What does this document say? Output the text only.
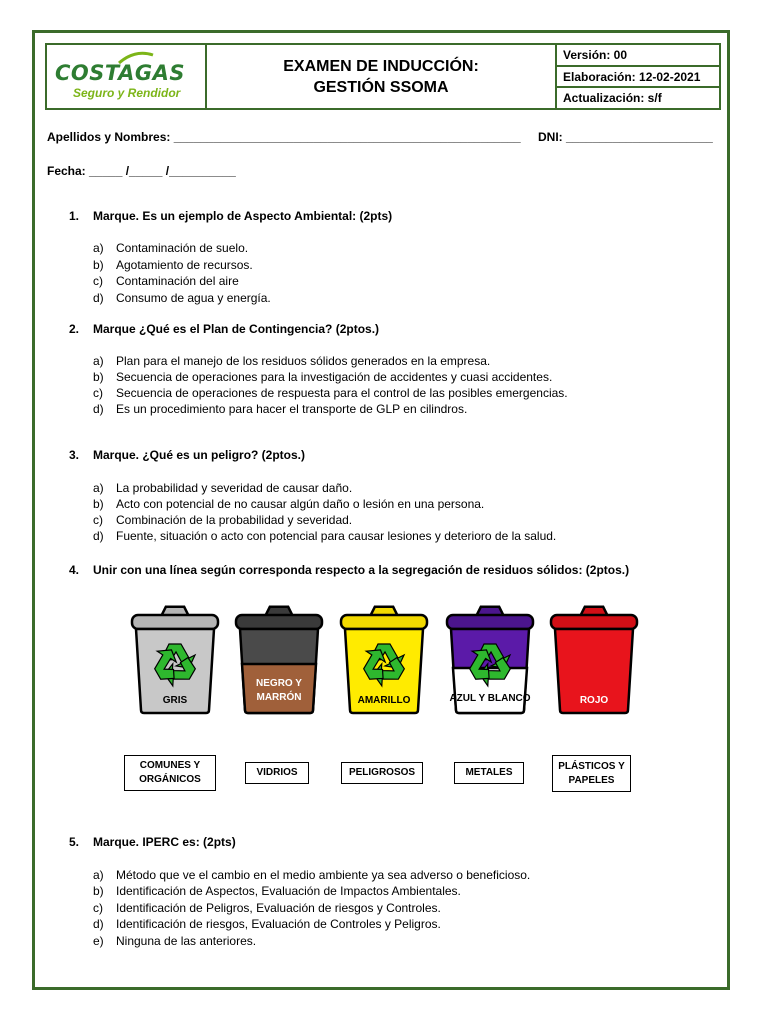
COSTAGAS
Seguro y Rendidor
EXAMEN DE INDUCCIÓN:
GESTIÓN SSOMA
Versión: 00
Elaboración: 12-02-2021
Actualización: s/f
Apellidos y Nombres: ____________________________________________________ DNI: ______________________
Fecha: _____ /_____ /__________
1. Marque. Es un ejemplo de Aspecto Ambiental: (2pts)
a) Contaminación de suelo.
b) Agotamiento de recursos.
c) Contaminación del aire
d) Consumo de agua y energía.
2. Marque ¿Qué es el Plan de Contingencia? (2ptos.)
a) Plan para el manejo de los residuos sólidos generados en la empresa.
b) Secuencia de operaciones para la investigación de accidentes y cuasi accidentes.
c) Secuencia de operaciones de respuesta para el control de las posibles emergencias.
d) Es un procedimiento para hacer el transporte de GLP en cilindros.
3. Marque. ¿Qué es un peligro? (2ptos.)
a) La probabilidad y severidad de causar daño.
b) Acto con potencial de no causar algún daño o lesión en una persona.
c) Combinación de la probabilidad y severidad.
d) Fuente, situación o acto con potencial para causar lesiones y deterioro de la salud.
4. Unir con una línea según corresponda respecto a la segregación de residuos sólidos: (2ptos.)
GRIS
NEGRO Y
MARRÓN	AMARILLO	AZUL Y BLANCO	ROJO
COMUNES Y ORGÁNICOS
VIDRIOS	PELIGROSOS	METALES
PLÁSTICOS Y PAPELES
5. Marque. IPERC es: (2pts)
a) Método que ve el cambio en el medio ambiente ya sea adverso o beneficioso.
b) Identificación de Aspectos, Evaluación de Impactos Ambientales.
c) Identificación de Peligros, Evaluación de riesgos y Controles.
d) Identificación de riesgos, Evaluación de Controles y Peligros.
e) Ninguna de las anteriores.
